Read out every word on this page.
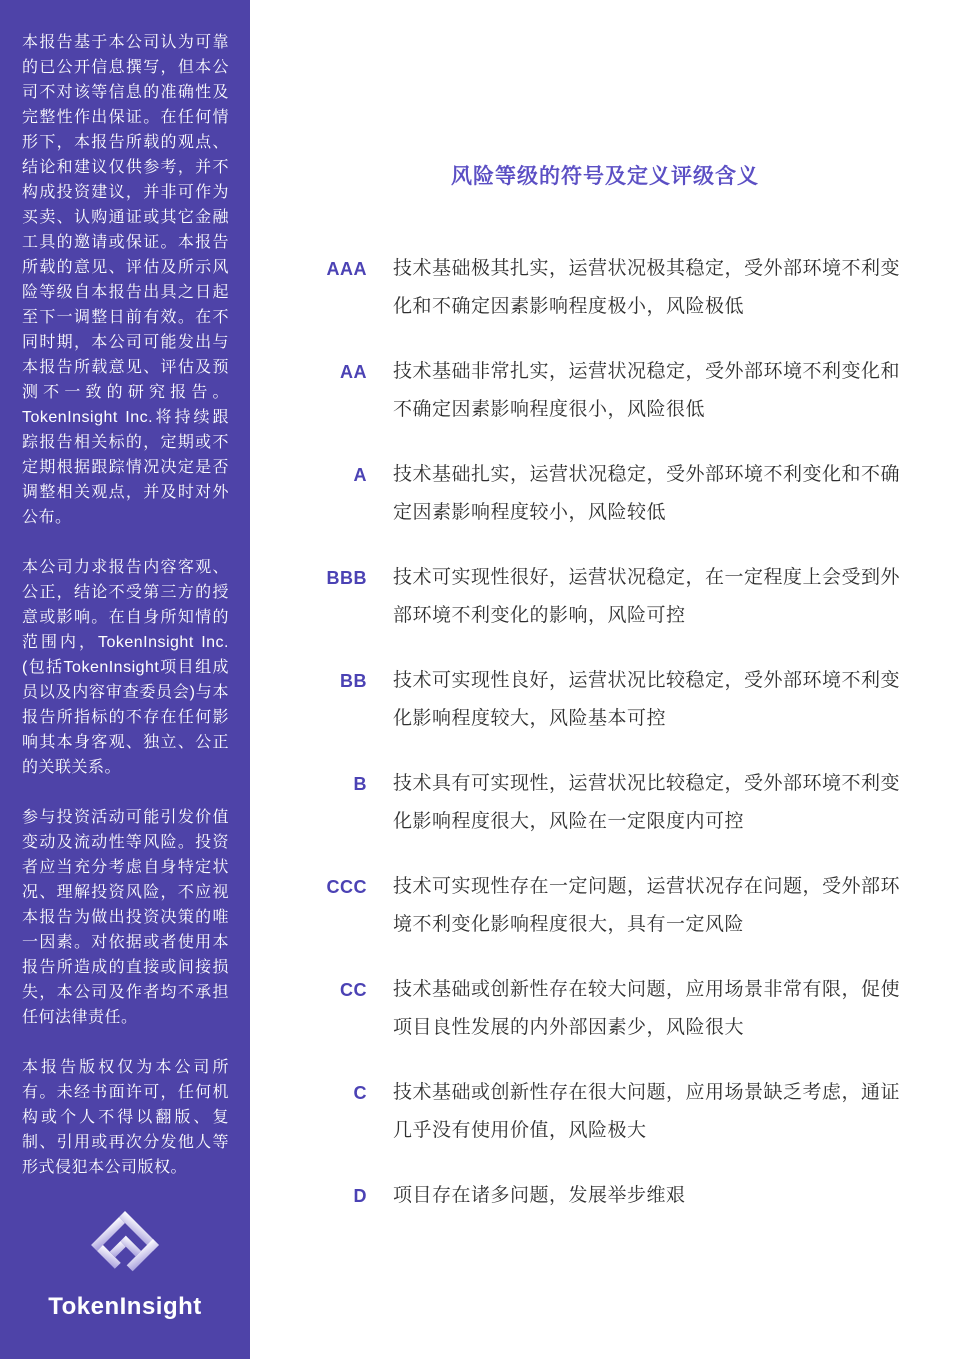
本报告基于本公司认为可靠的已公开信息撰写，但本公司不对该等信息的准确性及完整性作出保证。在任何情形下，本报告所载的观点、结论和建议仅供参考，并不构成投资建议，并非可作为买卖、认购通证或其它金融工具的邀请或保证。本报告所载的意见、评估及所示风险等级自本报告出具之日起至下一调整日前有效。在不同时期，本公司可能发出与本报告所载意见、评估及预测不一致的研究报告。TokenInsight Inc.将持续跟踪报告相关标的，定期或不定期根据跟踪情况决定是否调整相关观点，并及时对外公布。

本公司力求报告内容客观、公正，结论不受第三方的授意或影响。在自身所知情的范围内，TokenInsight Inc.(包括TokenInsight项目组成员以及内容审查委员会)与本报告所指标的不存在任何影响其本身客观、独立、公正的关联关系。

参与投资活动可能引发价值变动及流动性等风险。投资者应当充分考虑自身特定状况、理解投资风险，不应视本报告为做出投资决策的唯一因素。对依据或者使用本报告所造成的直接或间接损失，本公司及作者均不承担任何法律责任。

本报告版权仅为本公司所有。未经书面许可，任何机构或个人不得以翻版、复制、引用或再次分发他人等形式侵犯本公司版权。

TokenInsight
风险等级的符号及定义评级含义
AAA	技术基础极其扎实，运营状况极其稳定，受外部环境不利变化和不确定因素影响程度极小，风险极低
AA	技术基础非常扎实，运营状况稳定，受外部环境不利变化和不确定因素影响程度很小，风险很低
A	技术基础扎实，运营状况稳定，受外部环境不利变化和不确定因素影响程度较小，风险较低
BBB	技术可实现性很好，运营状况稳定，在一定程度上会受到外部环境不利变化的影响，风险可控
BB	技术可实现性良好，运营状况比较稳定，受外部环境不利变化影响程度较大，风险基本可控
B	技术具有可实现性，运营状况比较稳定，受外部环境不利变化影响程度很大，风险在一定限度内可控
CCC	技术可实现性存在一定问题，运营状况存在问题，受外部环境不利变化影响程度很大，具有一定风险
CC	技术基础或创新性存在较大问题，应用场景非常有限，促使项目良性发展的内外部因素少，风险很大
C	技术基础或创新性存在很大问题，应用场景缺乏考虑，通证几乎没有使用价值，风险极大
D	项目存在诸多问题，发展举步维艰
